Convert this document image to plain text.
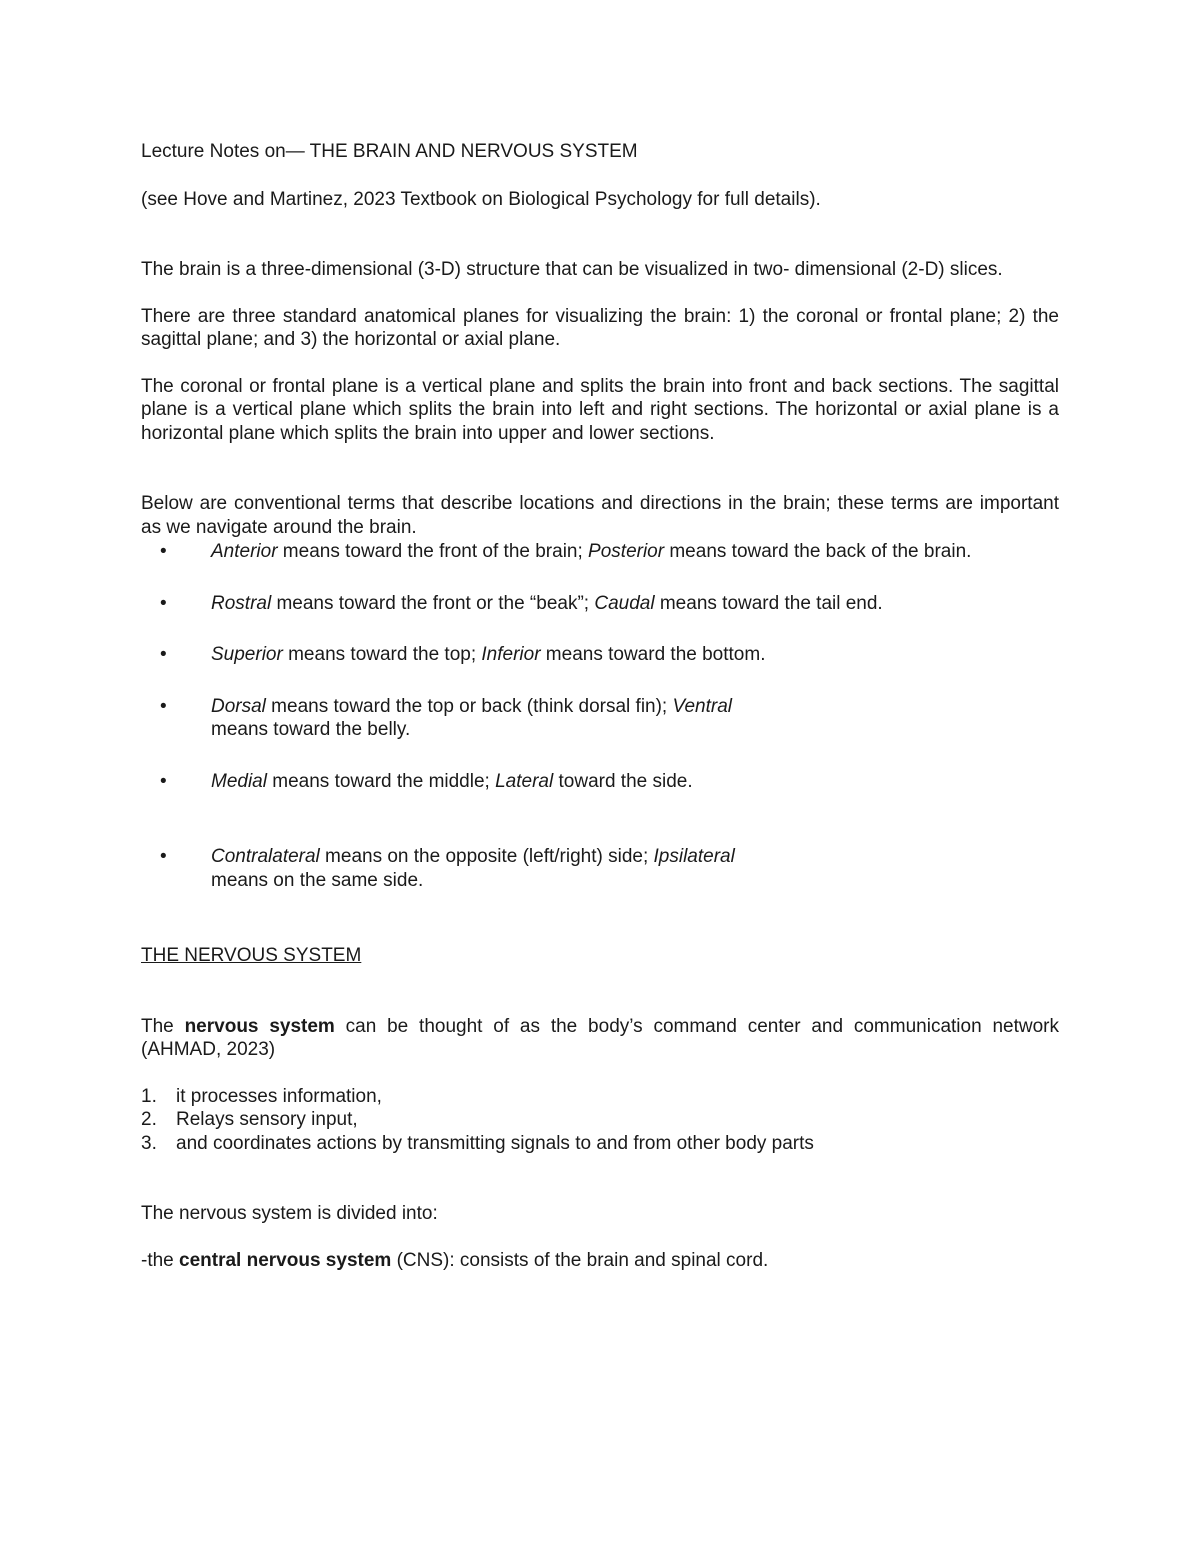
Lecture Notes on— THE BRAIN AND NERVOUS SYSTEM

(see Hove and Martinez, 2023 Textbook on Biological Psychology for full details).

The brain is a three-dimensional (3-D) structure that can be visualized in two- dimensional (2-D) slices.

There are three standard anatomical planes for visualizing the brain: 1) the coronal or frontal plane; 2) the sagittal plane; and 3) the horizontal or axial plane.

The coronal or frontal plane is a vertical plane and splits the brain into front and back sections. The sagittal plane is a vertical plane which splits the brain into left and right sections. The horizontal or axial plane is a horizontal plane which splits the brain into upper and lower sections.

Below are conventional terms that describe locations and directions in the brain; these terms are important as we navigate around the brain.

• Anterior means toward the front of the brain; Posterior means toward the back of the brain.
• Rostral means toward the front or the “beak”; Caudal means toward the tail end.
• Superior means toward the top; Inferior means toward the bottom.
• Dorsal means toward the top or back (think dorsal fin); Ventral
means toward the belly.
• Medial means toward the middle; Lateral toward the side.
• Contralateral means on the opposite (left/right) side; Ipsilateral
means on the same side.

THE NERVOUS SYSTEM

The nervous system can be thought of as the body’s command center and communication network (AHMAD, 2023)

1. it processes information,
2. Relays sensory input,
3. and coordinates actions by transmitting signals to and from other body parts

The nervous system is divided into:

-the central nervous system (CNS): consists of the brain and spinal cord.
